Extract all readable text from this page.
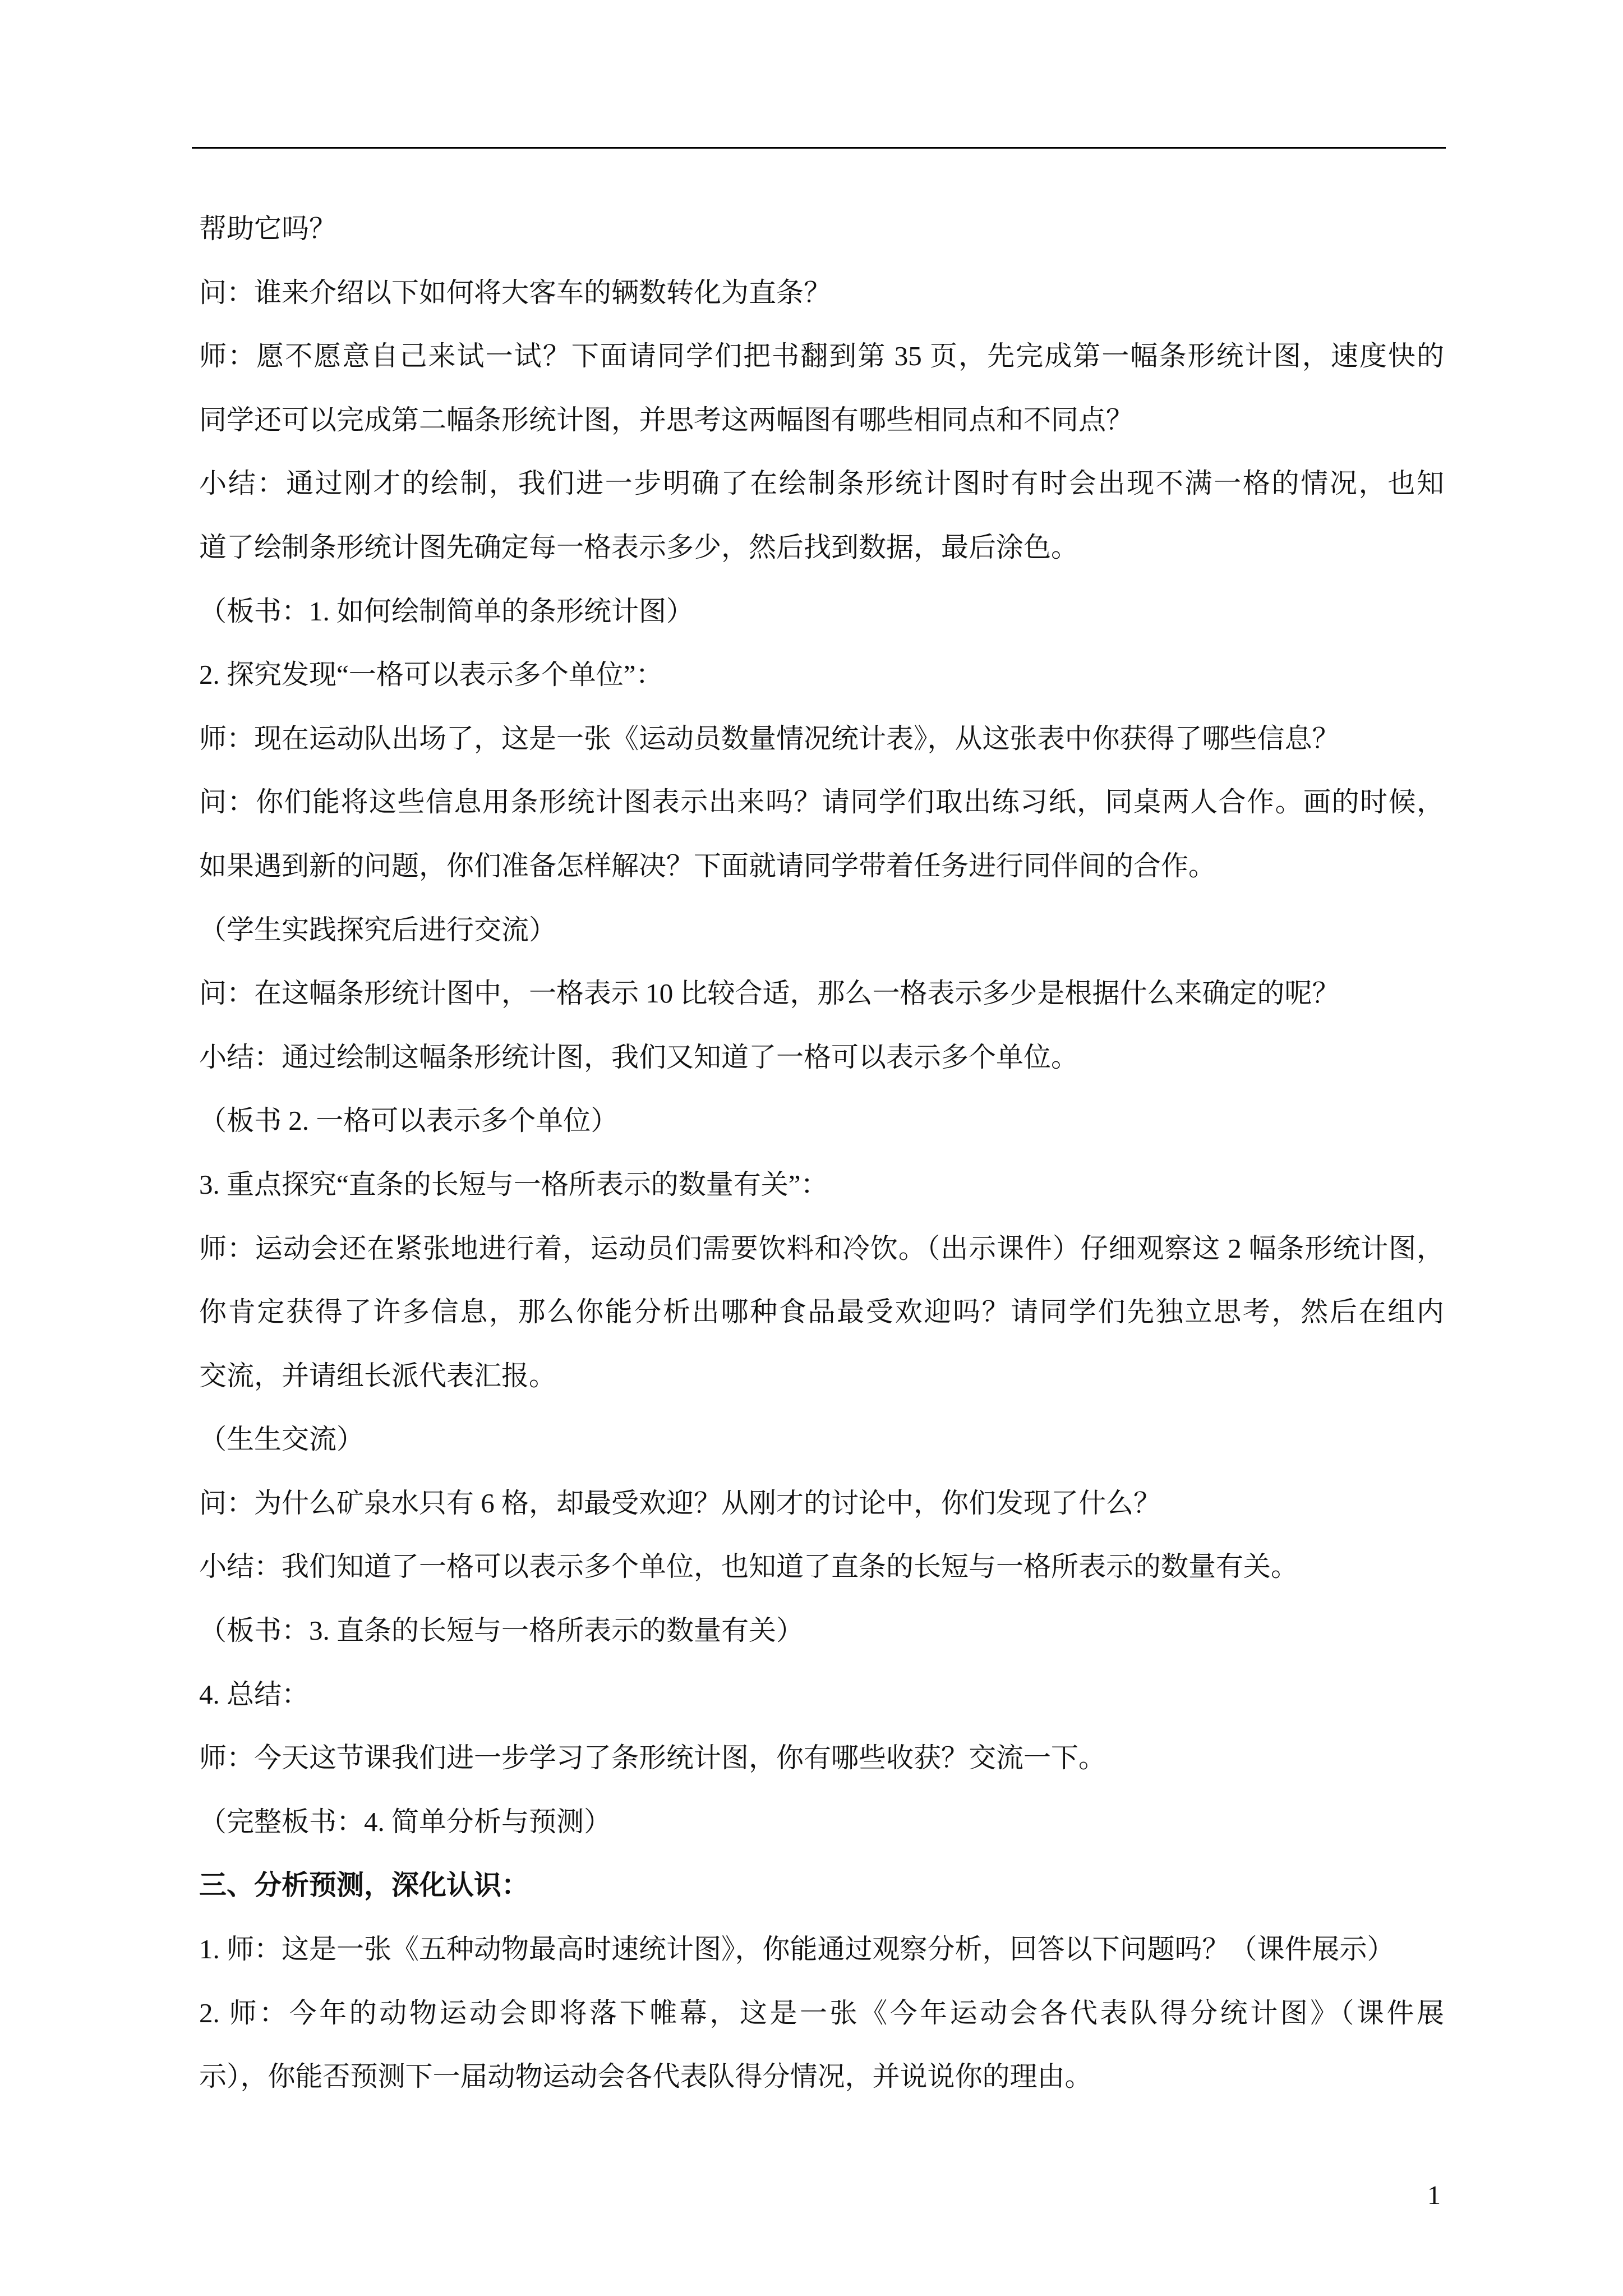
帮助它吗？
问：谁来介绍以下如何将大客车的辆数转化为直条？
师：愿不愿意自己来试一试？下面请同学们把书翻到第 35 页，先完成第一幅条形统计图，速度快的
同学还可以完成第二幅条形统计图，并思考这两幅图有哪些相同点和不同点？
小结：通过刚才的绘制，我们进一步明确了在绘制条形统计图时有时会出现不满一格的情况，也知
道了绘制条形统计图先确定每一格表示多少，然后找到数据，最后涂色。
（板书：1. 如何绘制简单的条形统计图）
2. 探究发现“一格可以表示多个单位”：
师：现在运动队出场了，这是一张《运动员数量情况统计表》，从这张表中你获得了哪些信息？
问：你们能将这些信息用条形统计图表示出来吗？请同学们取出练习纸，同桌两人合作。画的时候，
如果遇到新的问题，你们准备怎样解决？下面就请同学带着任务进行同伴间的合作。
（学生实践探究后进行交流）
问：在这幅条形统计图中，一格表示 10 比较合适，那么一格表示多少是根据什么来确定的呢？
小结：通过绘制这幅条形统计图，我们又知道了一格可以表示多个单位。
（板书 2. 一格可以表示多个单位）
3. 重点探究“直条的长短与一格所表示的数量有关”：
师：运动会还在紧张地进行着，运动员们需要饮料和冷饮。（出示课件）仔细观察这 2 幅条形统计图，
你肯定获得了许多信息，那么你能分析出哪种食品最受欢迎吗？请同学们先独立思考，然后在组内
交流，并请组长派代表汇报。
（生生交流）
问：为什么矿泉水只有 6 格，却最受欢迎？从刚才的讨论中，你们发现了什么？
小结：我们知道了一格可以表示多个单位，也知道了直条的长短与一格所表示的数量有关。
（板书：3. 直条的长短与一格所表示的数量有关）
4. 总结：
师：今天这节课我们进一步学习了条形统计图，你有哪些收获？交流一下。
（完整板书：4. 简单分析与预测）
三、分析预测，深化认识：
1. 师：这是一张《五种动物最高时速统计图》，你能通过观察分析，回答以下问题吗？（课件展示）
2. 师：今年的动物运动会即将落下帷幕，这是一张《今年运动会各代表队得分统计图》（课件展
示），你能否预测下一届动物运动会各代表队得分情况，并说说你的理由。
1
